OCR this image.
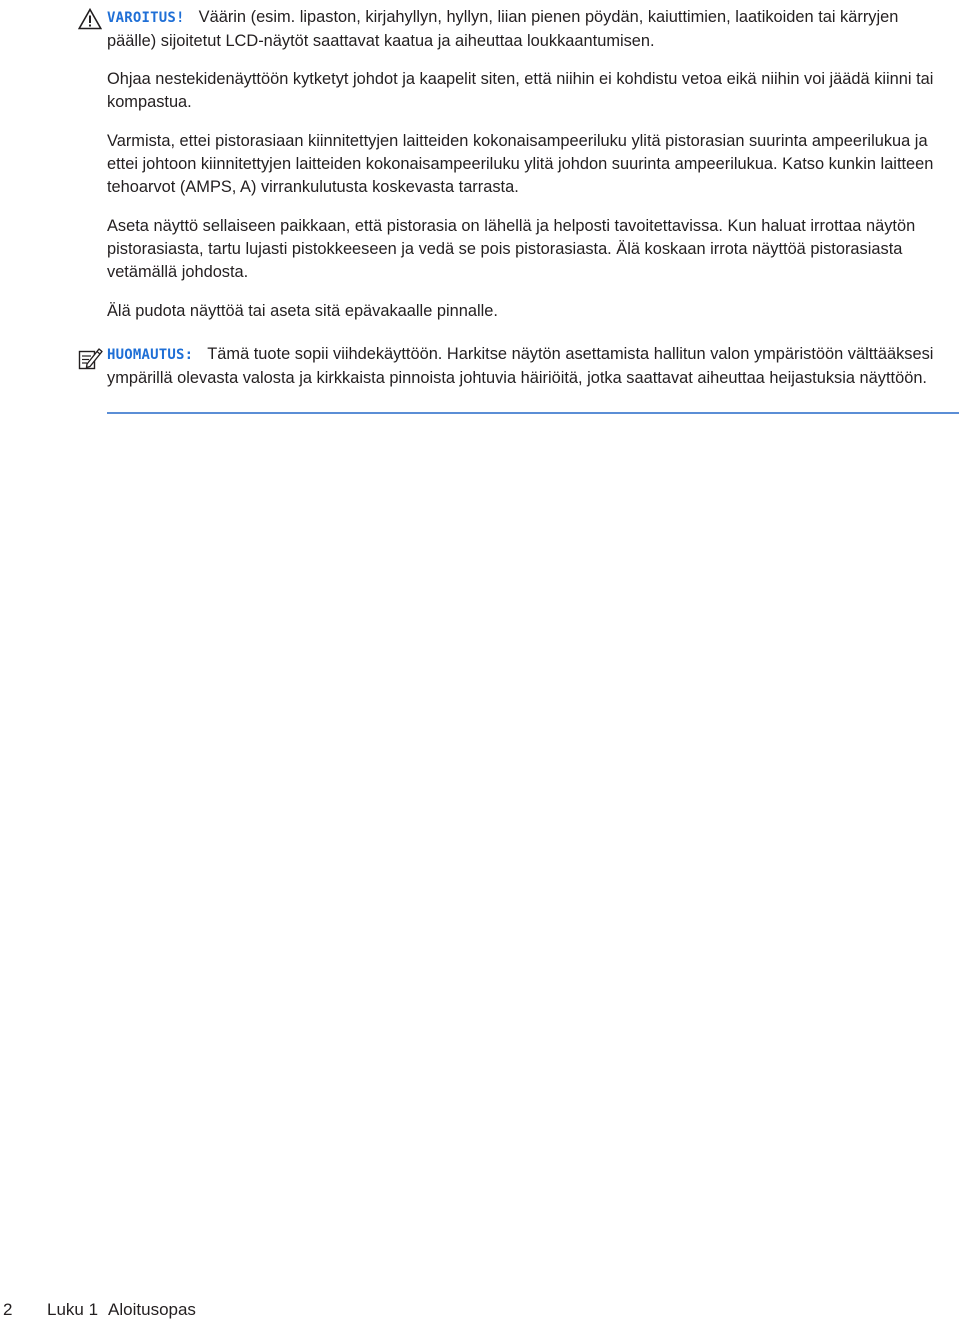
VAROITUS! Väärin (esim. lipaston, kirjahyllyn, hyllyn, liian pienen pöydän, kaiuttimien, laatikoiden tai kärryjen päälle) sijoitetut LCD-näytöt saattavat kaatua ja aiheuttaa loukkaantumisen.

Ohjaa nestekidenäyttöön kytketyt johdot ja kaapelit siten, että niihin ei kohdistu vetoa eikä niihin voi jäädä kiinni tai kompastua.

Varmista, ettei pistorasiaan kiinnitettyjen laitteiden kokonaisampeeriluku ylitä pistorasian suurinta ampeerilukua ja ettei johtoon kiinnitettyjen laitteiden kokonaisampeeriluku ylitä johdon suurinta ampeerilukua. Katso kunkin laitteen tehoarvot (AMPS, A) virrankulutusta koskevasta tarrasta.

Aseta näyttö sellaiseen paikkaan, että pistorasia on lähellä ja helposti tavoitettavissa. Kun haluat irrottaa näytön pistorasiasta, tartu lujasti pistokkeeseen ja vedä se pois pistorasiasta. Älä koskaan irrota näyttöä pistorasiasta vetämällä johdosta.

Älä pudota näyttöä tai aseta sitä epävakaalle pinnalle.

HUOMAUTUS: Tämä tuote sopii viihdekäyttöön. Harkitse näytön asettamista hallitun valon ympäristöön välttääksesi ympärillä olevasta valosta ja kirkkaista pinnoista johtuvia häiriöitä, jotka saattavat aiheuttaa heijastuksia näyttöön.

2 Luku 1 Aloitusopas
